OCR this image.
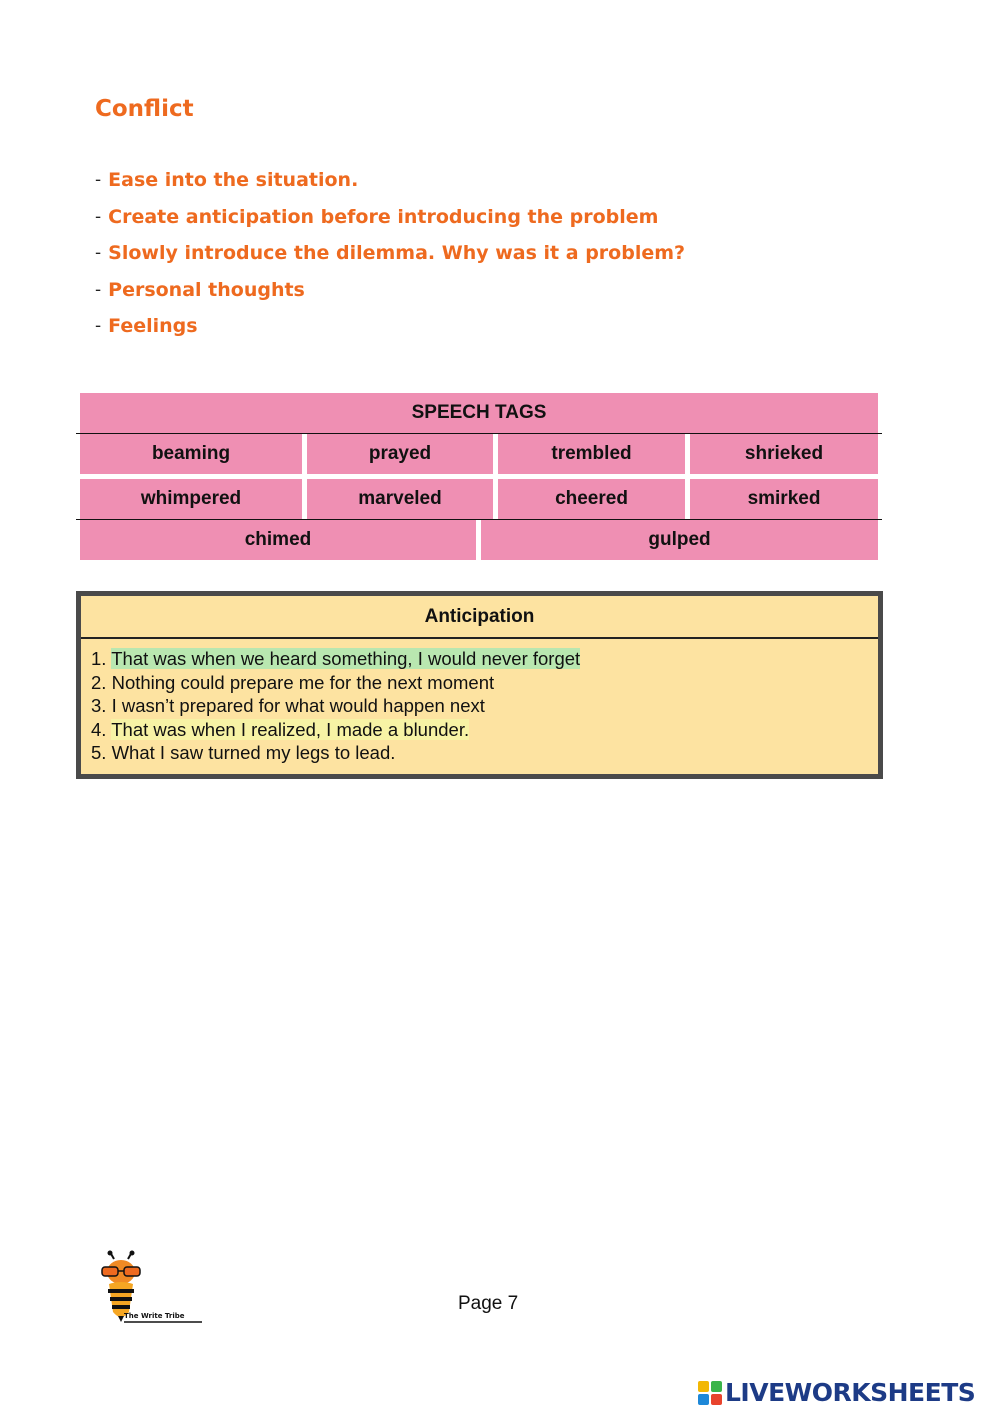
Conflict
- Ease into the situation.
- Create anticipation before introducing the problem
- Slowly introduce the dilemma. Why was it a problem?
- Personal thoughts
- Feelings
SPEECH TAGS
beaming	prayed	trembled	shrieked
whimpered	marveled	cheered	smirked
chimed	gulped
Anticipation
1. That was when we heard something, I would never forget
2. Nothing could prepare me for the next moment
3. I wasn’t prepared for what would happen next
4. That was when I realized, I made a blunder.
5. What I saw turned my legs to lead.
The Write Tribe
Page 7
LIVEWORKSHEETS
